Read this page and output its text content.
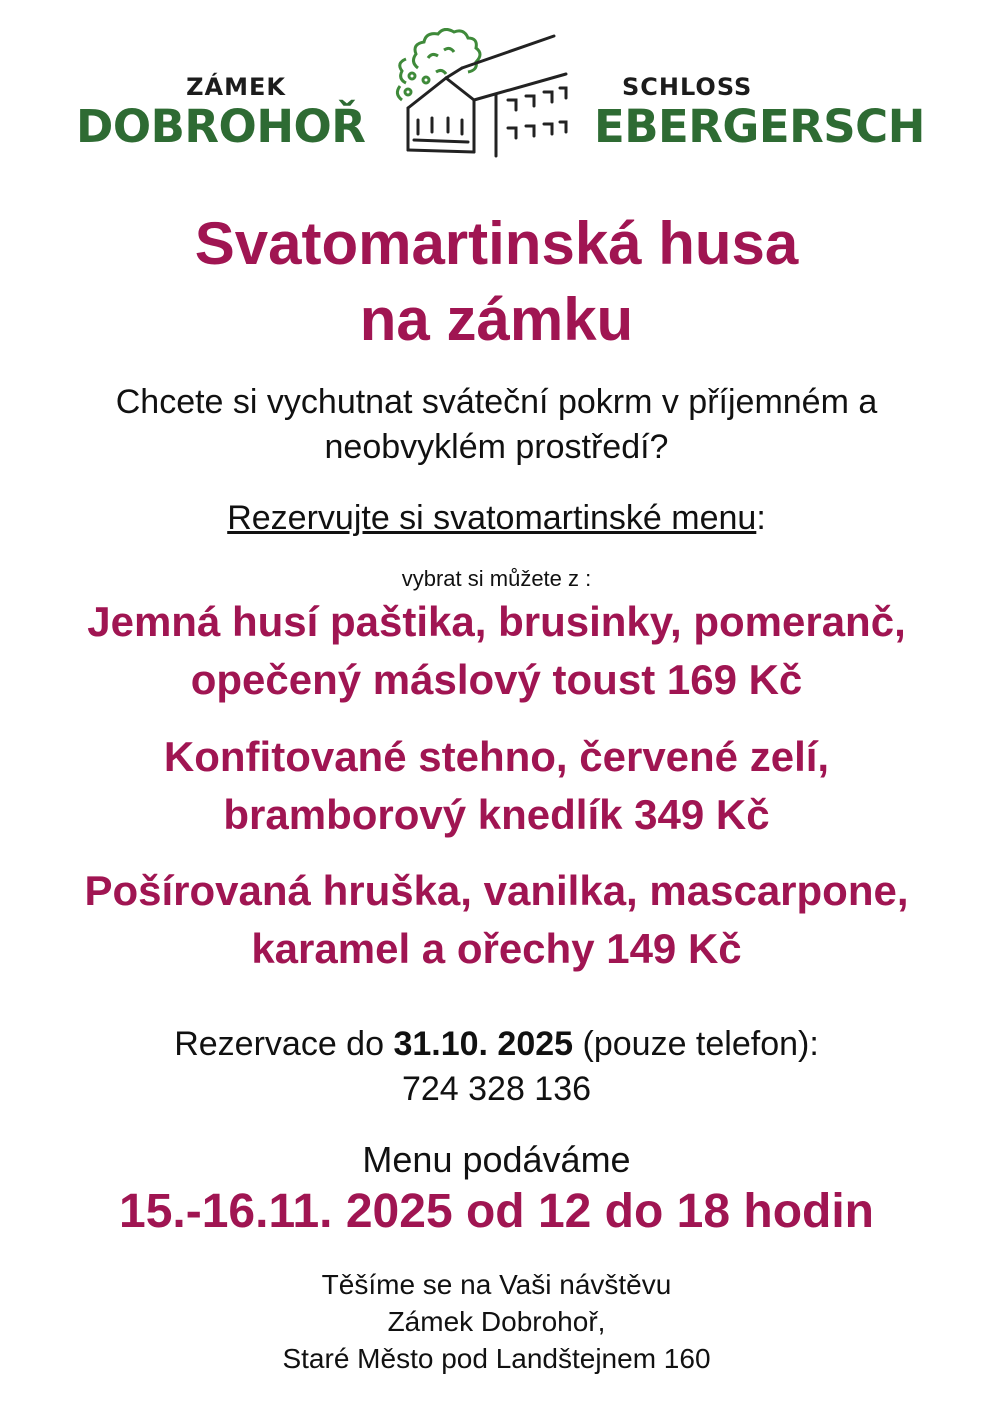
ZÁMEK
DOBROHOŘ
SCHLOSS
EBERGERSCH
Svatomartinská husa
na zámku
Chcete si vychutnat sváteční pokrm v příjemném a
neobvyklém prostředí?
Rezervujte si svatomartinské menu:
vybrat si můžete z :
Jemná husí paštika, brusinky, pomeranč,
opečený máslový toust 169 Kč
Konfitované stehno, červené zelí,
bramborový knedlík 349 Kč
Pošírovaná hruška, vanilka, mascarpone,
karamel a ořechy 149 Kč
Rezervace do 31.10. 2025 (pouze telefon):
724 328 136
Menu podáváme
15.-16.11. 2025 od 12 do 18 hodin
Těšíme se na Vaši návštěvu
Zámek Dobrohoř,
Staré Město pod Landštejnem 160
